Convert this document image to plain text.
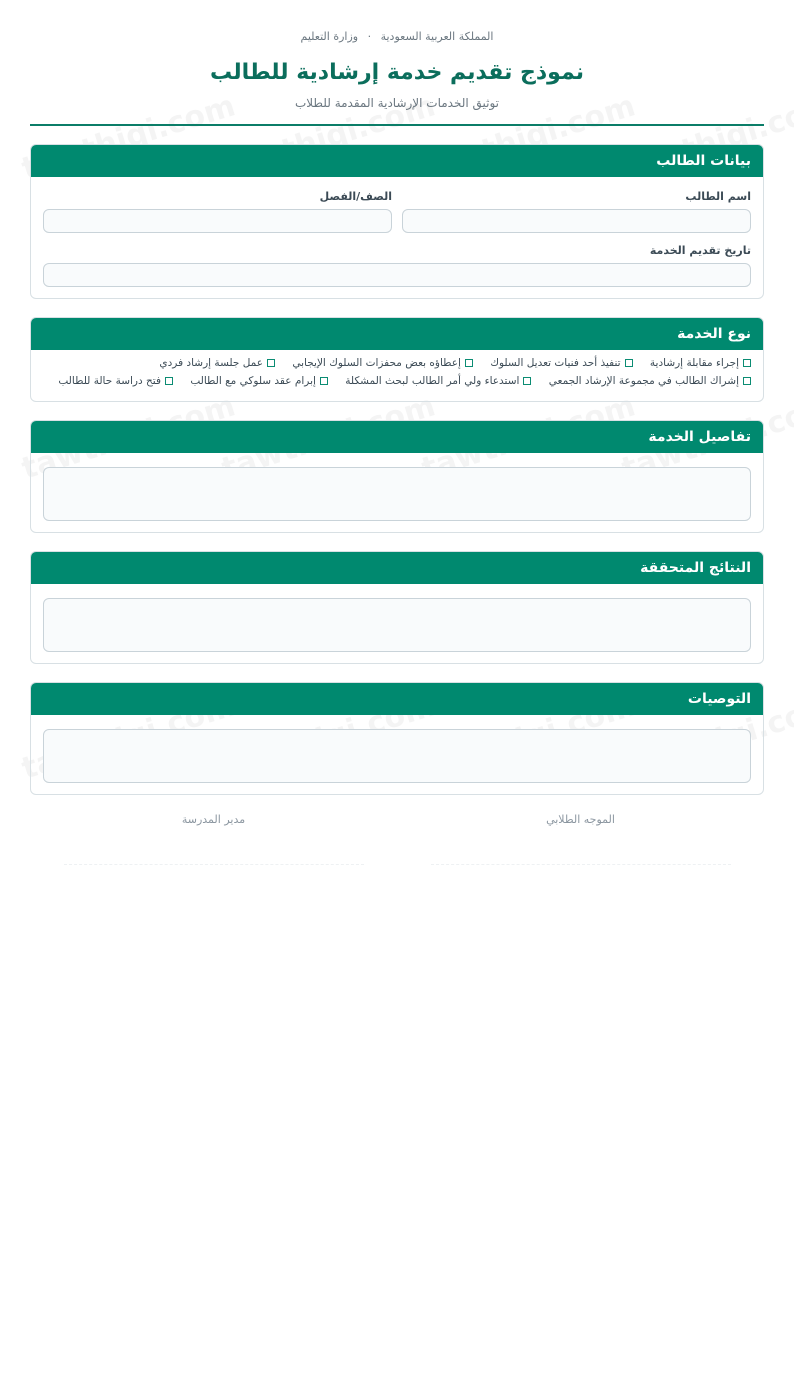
المملكة العربية السعودية · وزارة التعليم
نموذج تقديم خدمة إرشادية للطالب
توثيق الخدمات الإرشادية المقدمة للطلاب
بيانات الطالب
اسم الطالب
الصف/الفصل
تاريخ تقديم الخدمة
نوع الخدمة
إجراء مقابلة إرشادية تنفيذ أحد فنيات تعديل السلوك إعطاؤه بعض محفزات السلوك الإيجابي عمل جلسة إرشاد فردي
إشراك الطالب في مجموعة الإرشاد الجمعي استدعاء ولي أمر الطالب لبحث المشكلة إبرام عقد سلوكي مع الطالب فتح دراسة حالة للطالب
تفاصيل الخدمة
النتائج المتحققة
التوصيات
الموجه الطلابي
مدير المدرسة
